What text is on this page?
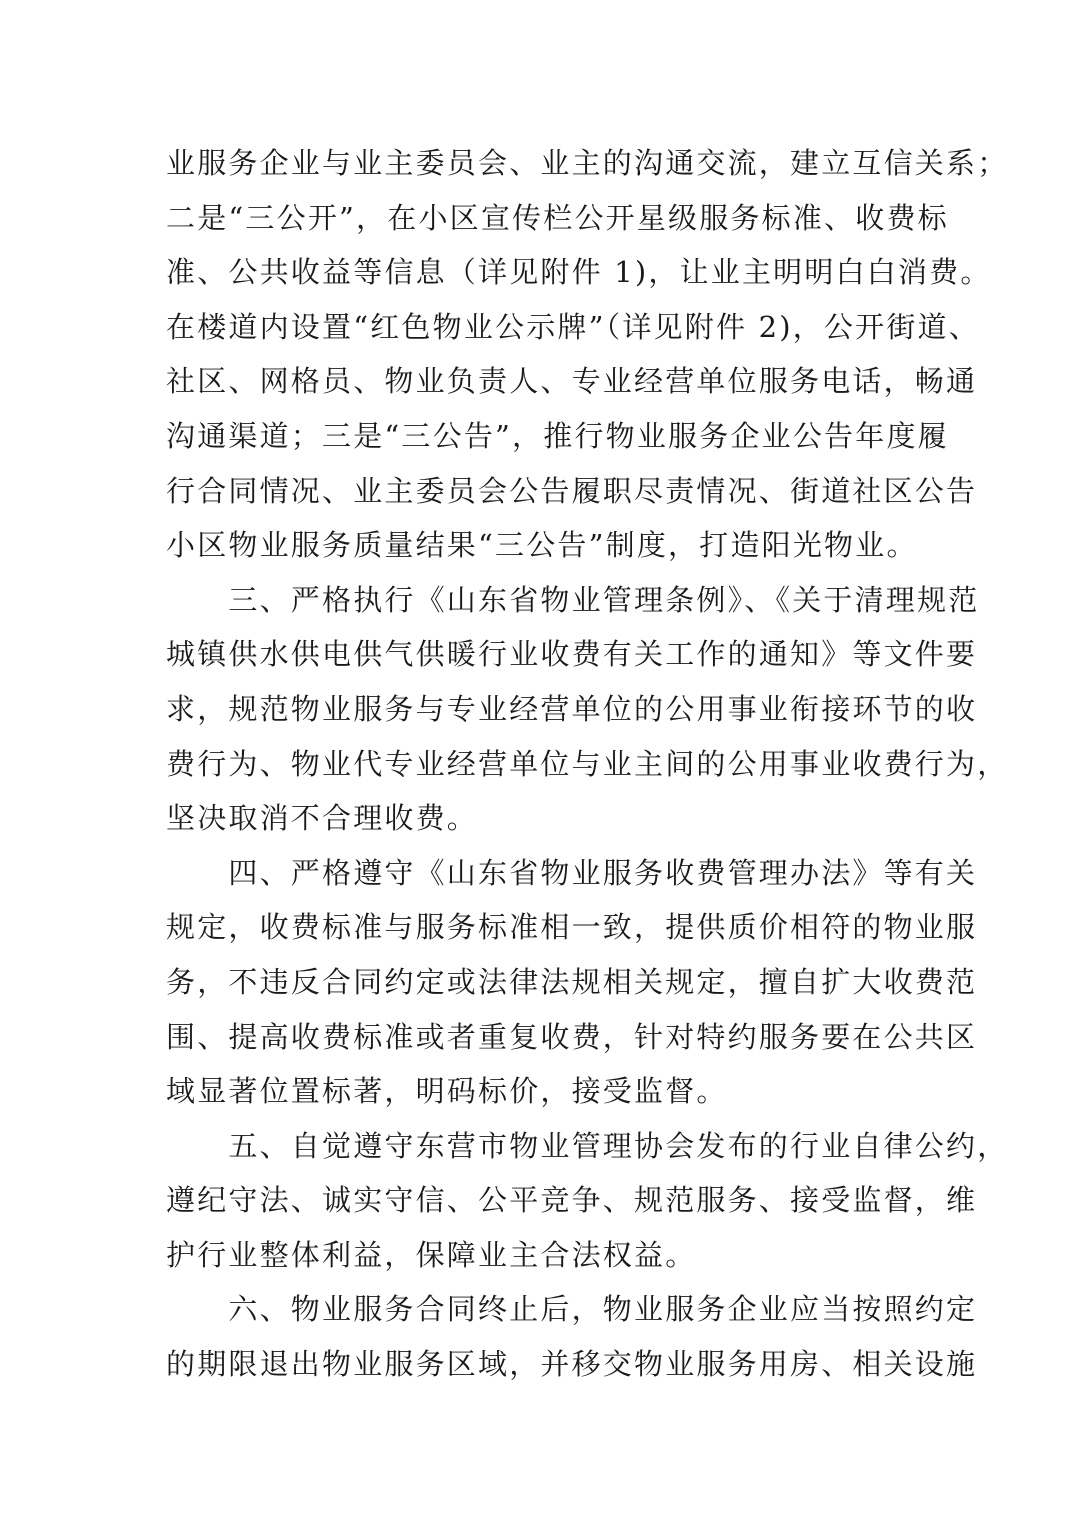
业服务企业与业主委员会、业主的沟通交流，建立互信关系；
二是“三公开”，在小区宣传栏公开星级服务标准、收费标
准、公共收益等信息（详见附件 1)，让业主明明白白消费。
在楼道内设置“红色物业公示牌”（详见附件 2)，公开街道、
社区、网格员、物业负责人、专业经营单位服务电话，畅通
沟通渠道；三是“三公告”，推行物业服务企业公告年度履
行合同情况、业主委员会公告履职尽责情况、街道社区公告
小区物业服务质量结果“三公告”制度，打造阳光物业。
　　三、严格执行《山东省物业管理条例》、《关于清理规范
城镇供水供电供气供暖行业收费有关工作的通知》等文件要
求，规范物业服务与专业经营单位的公用事业衔接环节的收
费行为、物业代专业经营单位与业主间的公用事业收费行为，
坚决取消不合理收费。
　　四、严格遵守《山东省物业服务收费管理办法》等有关
规定，收费标准与服务标准相一致，提供质价相符的物业服
务，不违反合同约定或法律法规相关规定，擅自扩大收费范
围、提高收费标准或者重复收费，针对特约服务要在公共区
域显著位置标著，明码标价，接受监督。
　　五、自觉遵守东营市物业管理协会发布的行业自律公约，
遵纪守法、诚实守信、公平竞争、规范服务、接受监督，维
护行业整体利益，保障业主合法权益。
　　六、物业服务合同终止后，物业服务企业应当按照约定
的期限退出物业服务区域，并移交物业服务用房、相关设施
